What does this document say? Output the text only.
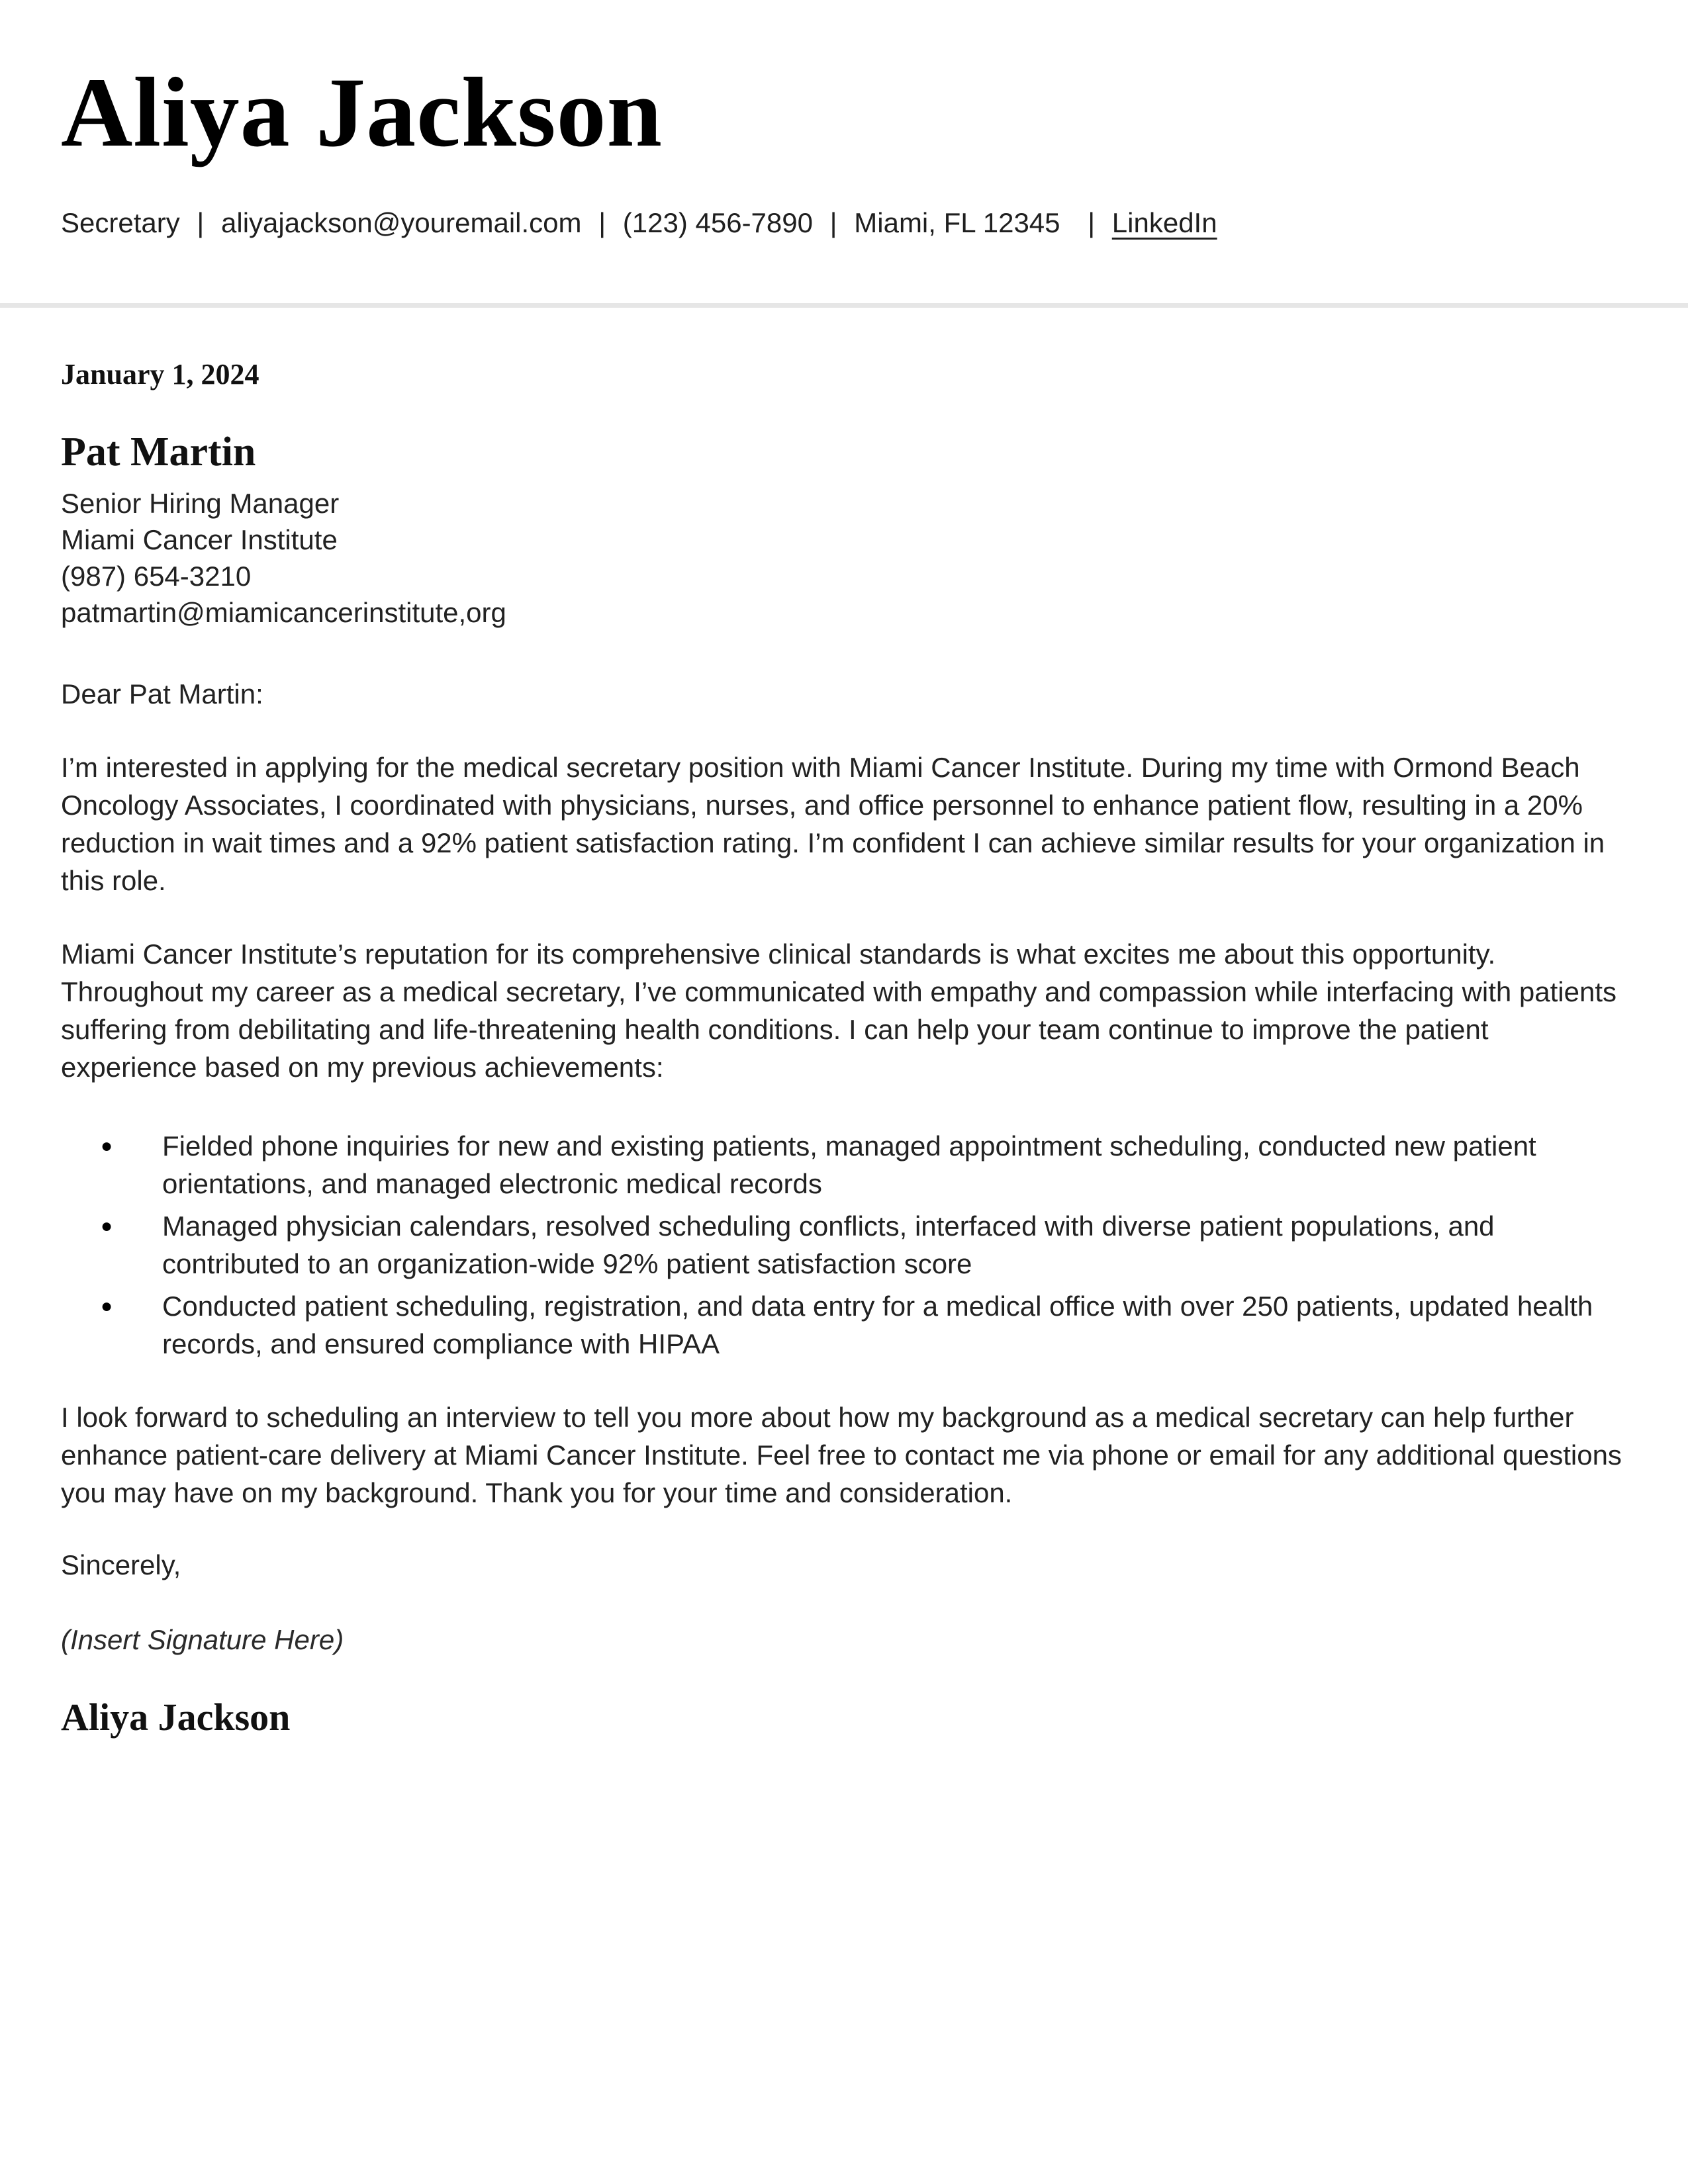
Aliya Jackson

Secretary | aliyajackson@youremail.com | (123) 456-7890 | Miami, FL 12345 | LinkedIn

January 1, 2024

Pat Martin

Senior Hiring Manager

Miami Cancer Institute

(987) 654-3210

patmartin@miamicancerinstitute,org

Dear Pat Martin:

I’m interested in applying for the medical secretary position with Miami Cancer Institute. During my time with Ormond Beach Oncology Associates, I coordinated with physicians, nurses, and office personnel to enhance patient flow, resulting in a 20% reduction in wait times and a 92% patient satisfaction rating. I’m confident I can achieve similar results for your organization in this role.

Miami Cancer Institute’s reputation for its comprehensive clinical standards is what excites me about this opportunity. Throughout my career as a medical secretary, I’ve communicated with empathy and compassion while interfacing with patients suffering from debilitating and life-threatening health conditions. I can help your team continue to improve the patient experience based on my previous achievements:

●	Fielded phone inquiries for new and existing patients, managed appointment scheduling, conducted new patient orientations, and managed electronic medical records
●	Managed physician calendars, resolved scheduling conflicts, interfaced with diverse patient populations, and contributed to an organization-wide 92% patient satisfaction score
●	Conducted patient scheduling, registration, and data entry for a medical office with over 250 patients, updated health records, and ensured compliance with HIPAA

I look forward to scheduling an interview to tell you more about how my background as a medical secretary can help further enhance patient-care delivery at Miami Cancer Institute. Feel free to contact me via phone or email for any additional questions you may have on my background. Thank you for your time and consideration.

Sincerely,

(Insert Signature Here)

Aliya Jackson
